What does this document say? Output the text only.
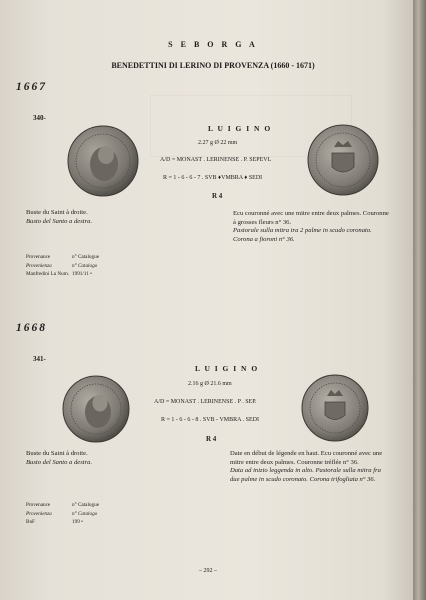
S E B O R G A
BENEDETTINI DI LERINO DI PROVENZA (1660 - 1671)
1667
340-
L U I G I N O
2.27 g Ø 22 mm
A/D = MONAST . LERINENSE . P. SEPEVL
R = 1 - 6 - 6 - 7 . SVB ♦VMBRA ♦ SEDI
R 4
Buste du Saint à droite.
Busto del Santo a destra.
Ecu couronné avec une mitre entre deux palmes. Couronne à grosses fleurs n° 36.
Pastorale sulla mitra tra 2 palme in scudo coronato. Corona a fioroni n° 36.
Provenance	n° Catalogue
Provenienza	n° Catalogo
Manfredini La Num. 1991/11 •
1668
341-
L U I G I N O
2.16 g Ø 21.6 mm
A/D = MONAST . LERINENSE . P . SEP.
R = 1 - 6 - 6 - 8 . SVB - VMBRA . SEDI
R 4
Buste du Saint à droite.
Busto del Santo a destra.
Date en début de légende en haut. Ecu couronné avec une mitre entre deux palmes. Couronne tréflée n° 36.
Data ad inizio leggenda in alto. Pastorale sulla mitra fra due palme in scudo coronato. Corona trifogliata n° 36.
Provenance	n° Catalogue
Provenienza	n° Catalogo
BnF	199 •
– 292 –
